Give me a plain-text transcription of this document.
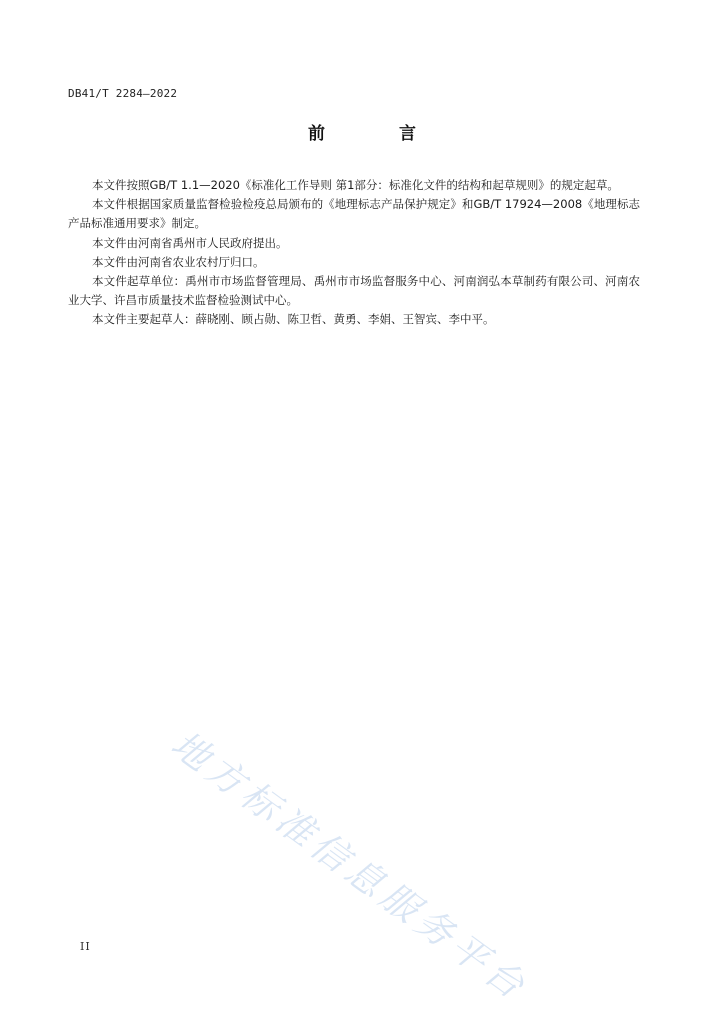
DB41/T 2284—2022
前 言

本文件按照GB/T 1.1—2020《标准化工作导则 第1部分：标准化文件的结构和起草规则》的规定起草。

本文件根据国家质量监督检验检疫总局颁布的《地理标志产品保护规定》和GB/T 17924—2008《地理标志产品标准通用要求》制定。

本文件由河南省禹州市人民政府提出。

本文件由河南省农业农村厅归口。

本文件起草单位：禹州市市场监督管理局、禹州市市场监督服务中心、河南润弘本草制药有限公司、河南农业大学、许昌市质量技术监督检验测试中心。

本文件主要起草人：薛晓刚、顾占勋、陈卫哲、黄勇、李娟、王智宾、李中平。

地方标准信息服务平台
II
